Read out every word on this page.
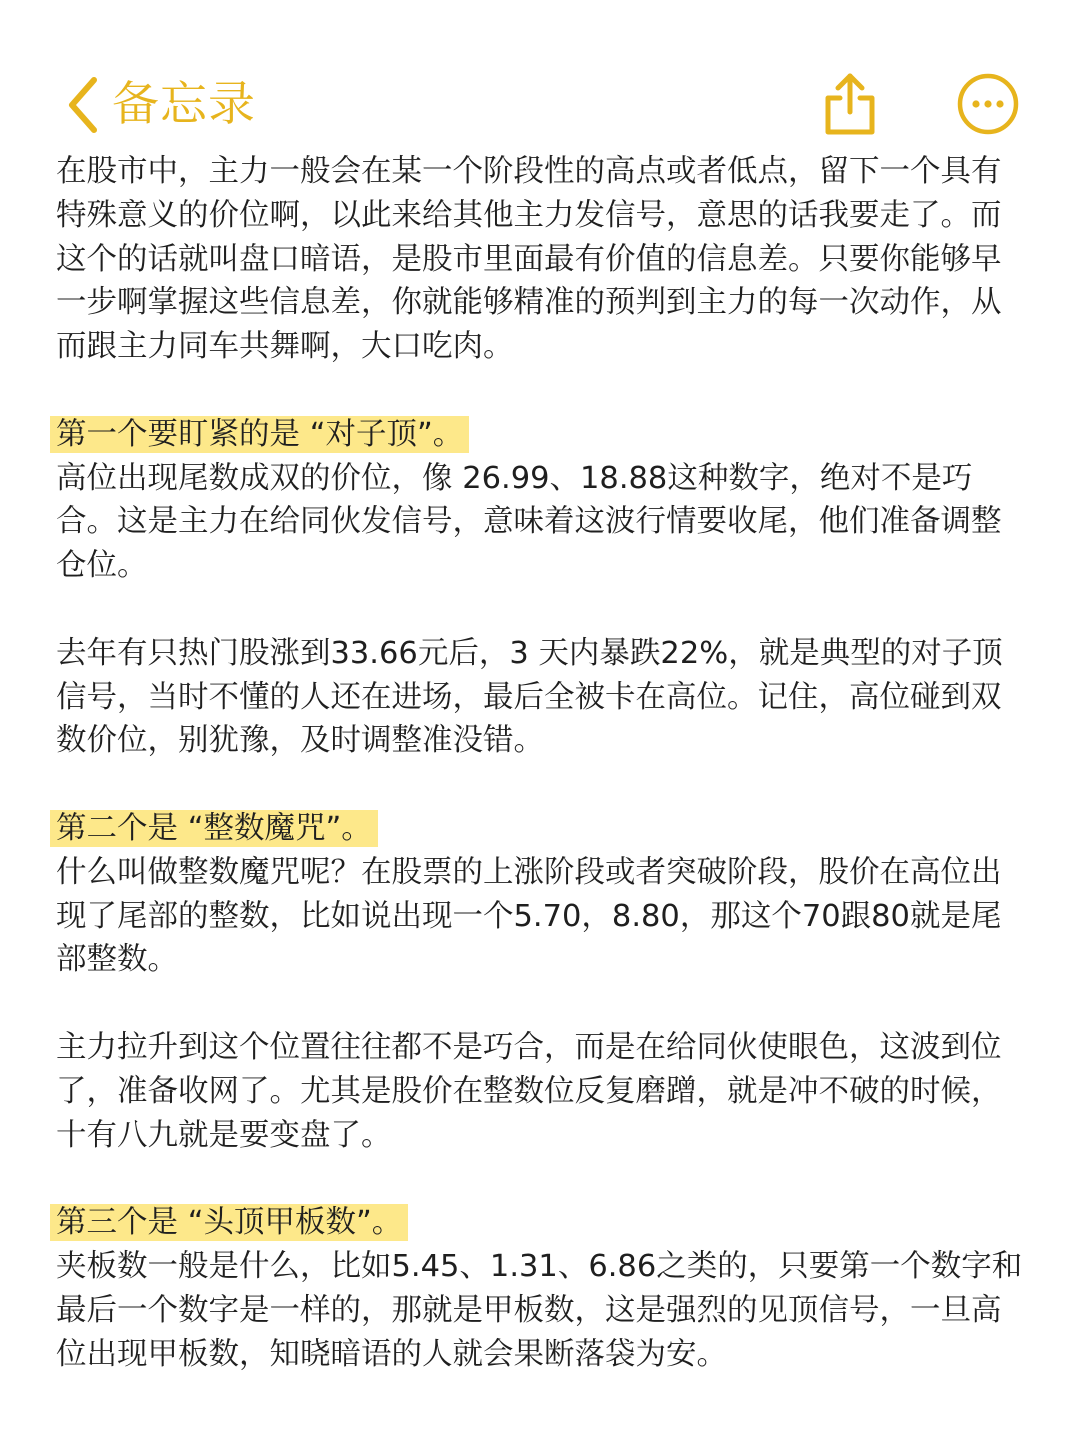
备忘录

在股市中，主力一般会在某一个阶段性的高点或者低点，留下一个具有特殊意义的价位啊，以此来给其他主力发信号，意思的话我要走了。而这个的话就叫盘口暗语，是股市里面最有价值的信息差。只要你能够早一步啊掌握这些信息差，你就能够精准的预判到主力的每一次动作，从而跟主力同车共舞啊，大口吃肉。

第一个要盯紧的是 “对子顶”。

高位出现尾数成双的价位，像 26.99、18.88这种数字，绝对不是巧合。这是主力在给同伙发信号，意味着这波行情要收尾，他们准备调整仓位。

去年有只热门股涨到33.66元后，3 天内暴跌22%，就是典型的对子顶信号，当时不懂的人还在进场，最后全被卡在高位。记住，高位碰到双数价位，别犹豫，及时调整准没错。

第二个是 “整数魔咒”。

什么叫做整数魔咒呢？在股票的上涨阶段或者突破阶段，股价在高位出现了尾部的整数，比如说出现一个5.70，8.80，那这个70跟80就是尾部整数。

主力拉升到这个位置往往都不是巧合，而是在给同伙使眼色，这波到位了，准备收网了。尤其是股价在整数位反复磨蹭，就是冲不破的时候，十有八九就是要变盘了。

第三个是 “头顶甲板数”。

夹板数一般是什么，比如5.45、1.31、6.86之类的，只要第一个数字和最后一个数字是一样的，那就是甲板数，这是强烈的见顶信号，一旦高位出现甲板数，知晓暗语的人就会果断落袋为安。
